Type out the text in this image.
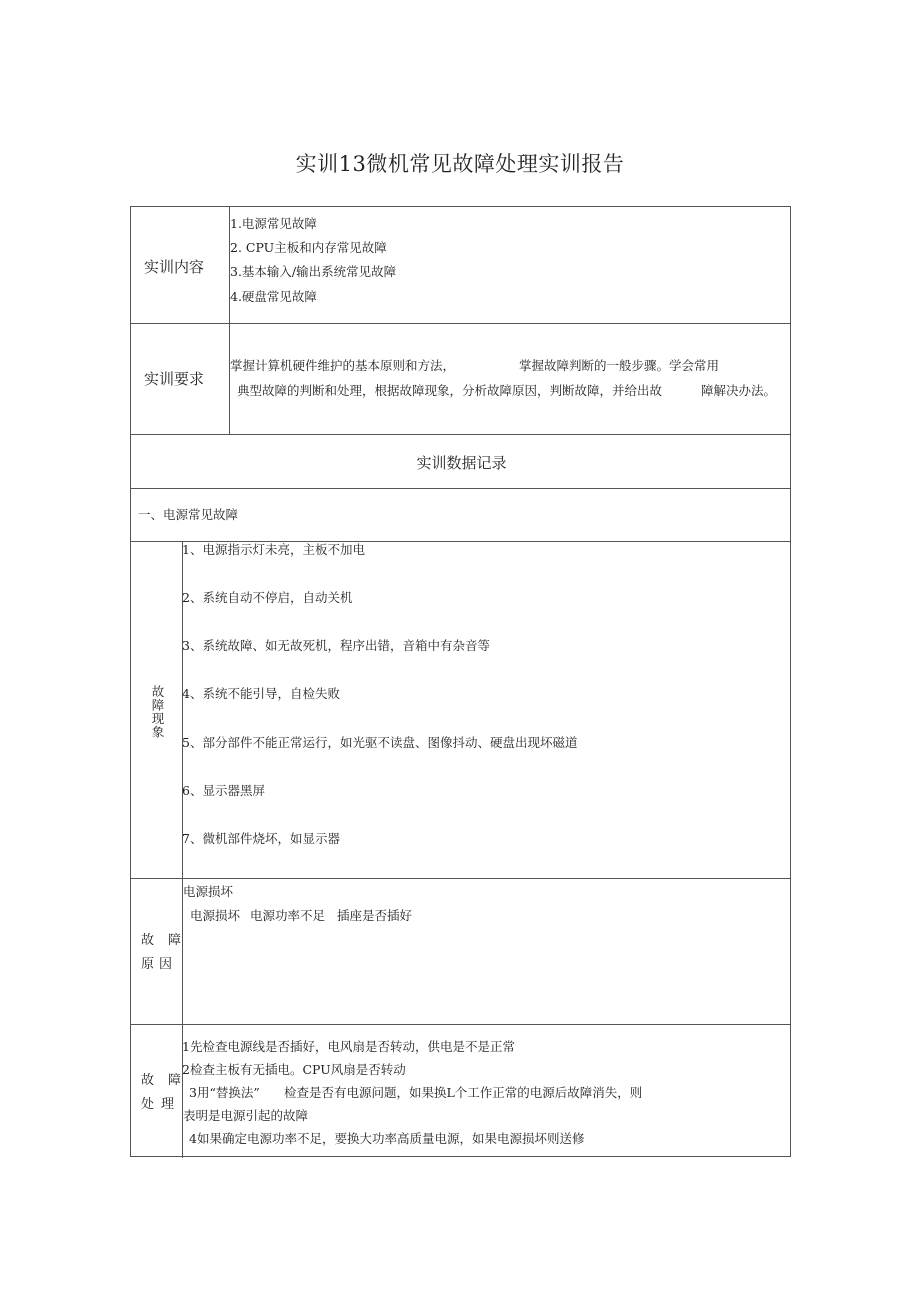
实训13微机常见故障处理实训报告
实训内容
1.电源常见故障
2. CPU主板和内存常见故障
3.基本输入/输出系统常见故障
4.硬盘常见故障
实训要求
掌握计算机硬件维护的基本原则和方法，	掌握故障判断的一般步骤。学会常用
典型故障的判断和处理，根据故障现象，分析故障原因，判断故障，并给出故	障解决办法。
实训数据记录
一、电源常见故障
故障现象
1、电源指示灯未亮，主板不加电
2、系统自动不停启，自动关机
3、系统故障、如无故死机，程序出错，音箱中有杂音等
4、系统不能引导，自检失败
5、部分部件不能正常运行，如光驱不读盘、图像抖动、硬盘出现坏磁道
6、显示器黑屏
7、微机部件烧坏，如显示器
故 障
原 因
电源损坏
电源损坏 电源功率不足 插座是否插好
故 障
处 理
1先检查电源线是否插好，电风扇是否转动，供电是不是正常
2检查主板有无插电。CPU风扇是否转动
3用“替换法” 检查是否有电源问题，如果换L个工作正常的电源后故障消失，则
表明是电源引起的故障
4如果确定电源功率不足，要换大功率高质量电源，如果电源损坏则送修
